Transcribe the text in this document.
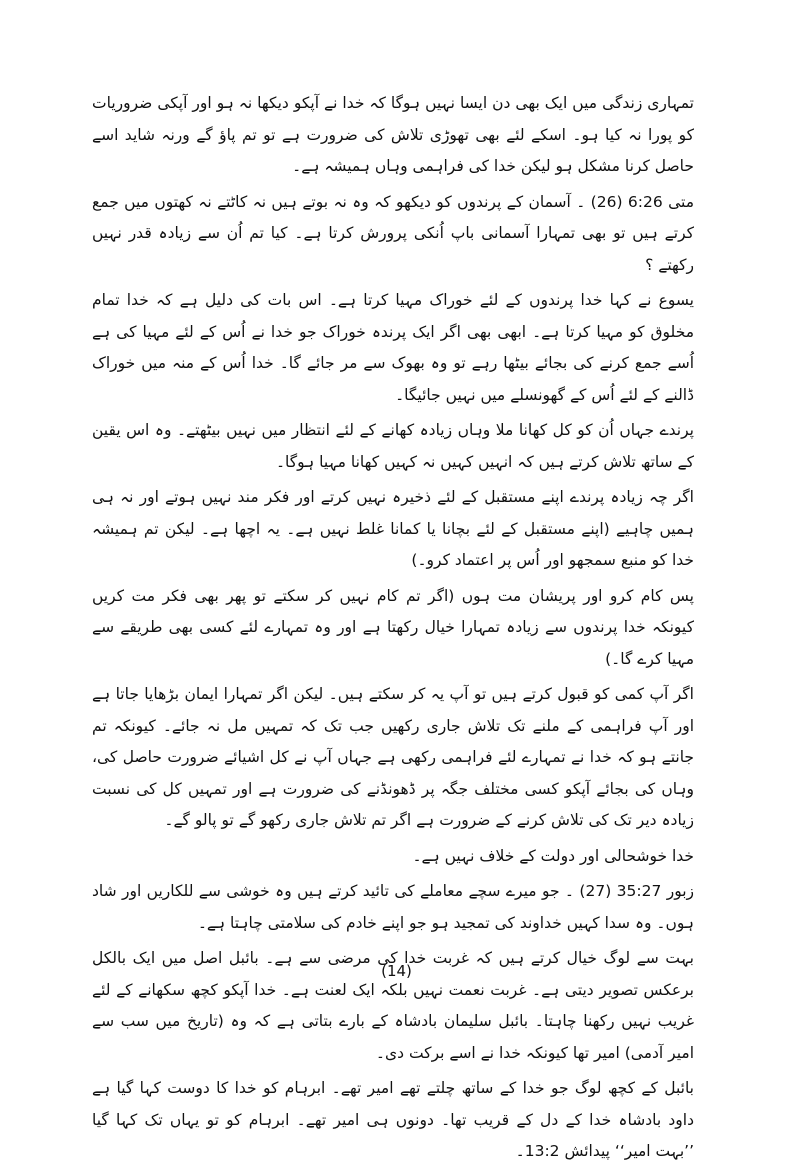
تمہاری زندگی میں ایک بھی دن ایسا نہیں ہوگا کہ خدا نے آپکو دیکھا نہ ہو اور آپکی ضروریات کو پورا نہ کیا ہو۔ اسکے لئے بھی تھوڑی تلاش کی ضرورت ہے تو تم پاؤ گے ورنہ شاید اسے حاصل کرنا مشکل ہو لیکن خدا کی فراہمی وہاں ہمیشہ ہے۔

متی 6:26 (26) ۔ آسمان کے پرندوں کو دیکھو کہ وہ نہ بوتے ہیں نہ کاٹتے نہ کھتوں میں جمع کرتے ہیں تو بھی تمہارا آسمانی باپ اُنکی پرورش کرتا ہے۔ کیا تم اُن سے زیادہ قدر نہیں رکھتے ؟

یسوع نے کہا خدا پرندوں کے لئے خوراک مہیا کرتا ہے۔ اس بات کی دلیل ہے کہ خدا تمام مخلوق کو مہیا کرتا ہے۔ ابھی بھی اگر ایک پرندہ خوراک جو خدا نے اُس کے لئے مہیا کی ہے اُسے جمع کرنے کی بجائے بیٹھا رہے تو وہ بھوک سے مر جائے گا۔ خدا اُس کے منہ میں خوراک ڈالنے کے لئے اُس کے گھونسلے میں نہیں جائیگا۔

پرندے جہاں اُن کو کل کھانا ملا وہاں زیادہ کھانے کے لئے انتظار میں نہیں بیٹھتے۔ وہ اس یقین کے ساتھ تلاش کرتے ہیں کہ انہیں کہیں نہ کہیں کھانا مہیا ہوگا۔

اگر چہ زیادہ پرندے اپنے مستقبل کے لئے ذخیرہ نہیں کرتے اور فکر مند نہیں ہوتے اور نہ ہی ہمیں چاہیے (اپنے مستقبل کے لئے بچانا یا کمانا غلط نہیں ہے۔ یہ اچھا ہے۔ لیکن تم ہمیشہ خدا کو منبع سمجھو اور اُس پر اعتماد کرو۔)

پس کام کرو اور پریشان مت ہوں (اگر تم کام نہیں کر سکتے تو پھر بھی فکر مت کریں کیونکہ خدا پرندوں سے زیادہ تمہارا خیال رکھتا ہے اور وہ تمہارے لئے کسی بھی طریقے سے مہیا کرے گا۔)

اگر آپ کمی کو قبول کرتے ہیں تو آپ یہ کر سکتے ہیں۔ لیکن اگر تمہارا ایمان بڑھایا جاتا ہے اور آپ فراہمی کے ملنے تک تلاش جاری رکھیں جب تک کہ تمہیں مل نہ جائے۔ کیونکہ تم جانتے ہو کہ خدا نے تمہارے لئے فراہمی رکھی ہے جہاں آپ نے کل اشیائے ضرورت حاصل کی، وہاں کی بجائے آپکو کسی مختلف جگہ پر ڈھونڈنے کی ضرورت ہے اور تمہیں کل کی نسبت زیادہ دیر تک کی تلاش کرنے کے ضرورت ہے اگر تم تلاش جاری رکھو گے تو پالو گے۔

خدا خوشحالی اور دولت کے خلاف نہیں ہے۔

زبور 35:27 (27) ۔ جو میرے سچے معاملے کی تائید کرتے ہیں وہ خوشی سے للکاریں اور شاد ہوں۔ وہ سدا کہیں خداوند کی تمجید ہو جو اپنے خادم کی سلامتی چاہتا ہے۔

بہت سے لوگ خیال کرتے ہیں کہ غربت خدا کی مرضی سے ہے۔ بائبل اصل میں ایک بالکل برعکس تصویر دیتی ہے۔ غربت نعمت نہیں بلکہ ایک لعنت ہے۔ خدا آپکو کچھ سکھانے کے لئے غریب نہیں رکھنا چاہتا۔ بائبل سلیمان بادشاہ کے بارے بتاتی ہے کہ وہ (تاریخ میں سب سے امیر آدمی) امیر تھا کیونکہ خدا نے اسے برکت دی۔

بائبل کے کچھ لوگ جو خدا کے ساتھ چلتے تھے امیر تھے۔ ابرہام کو خدا کا دوست کہا گیا ہے داود بادشاہ خدا کے دل کے قریب تھا۔ دونوں ہی امیر تھے۔ ابرہام کو تو یہاں تک کہا گیا ’’بہت امیر‘‘ پیدائش 13:2۔

(14)
